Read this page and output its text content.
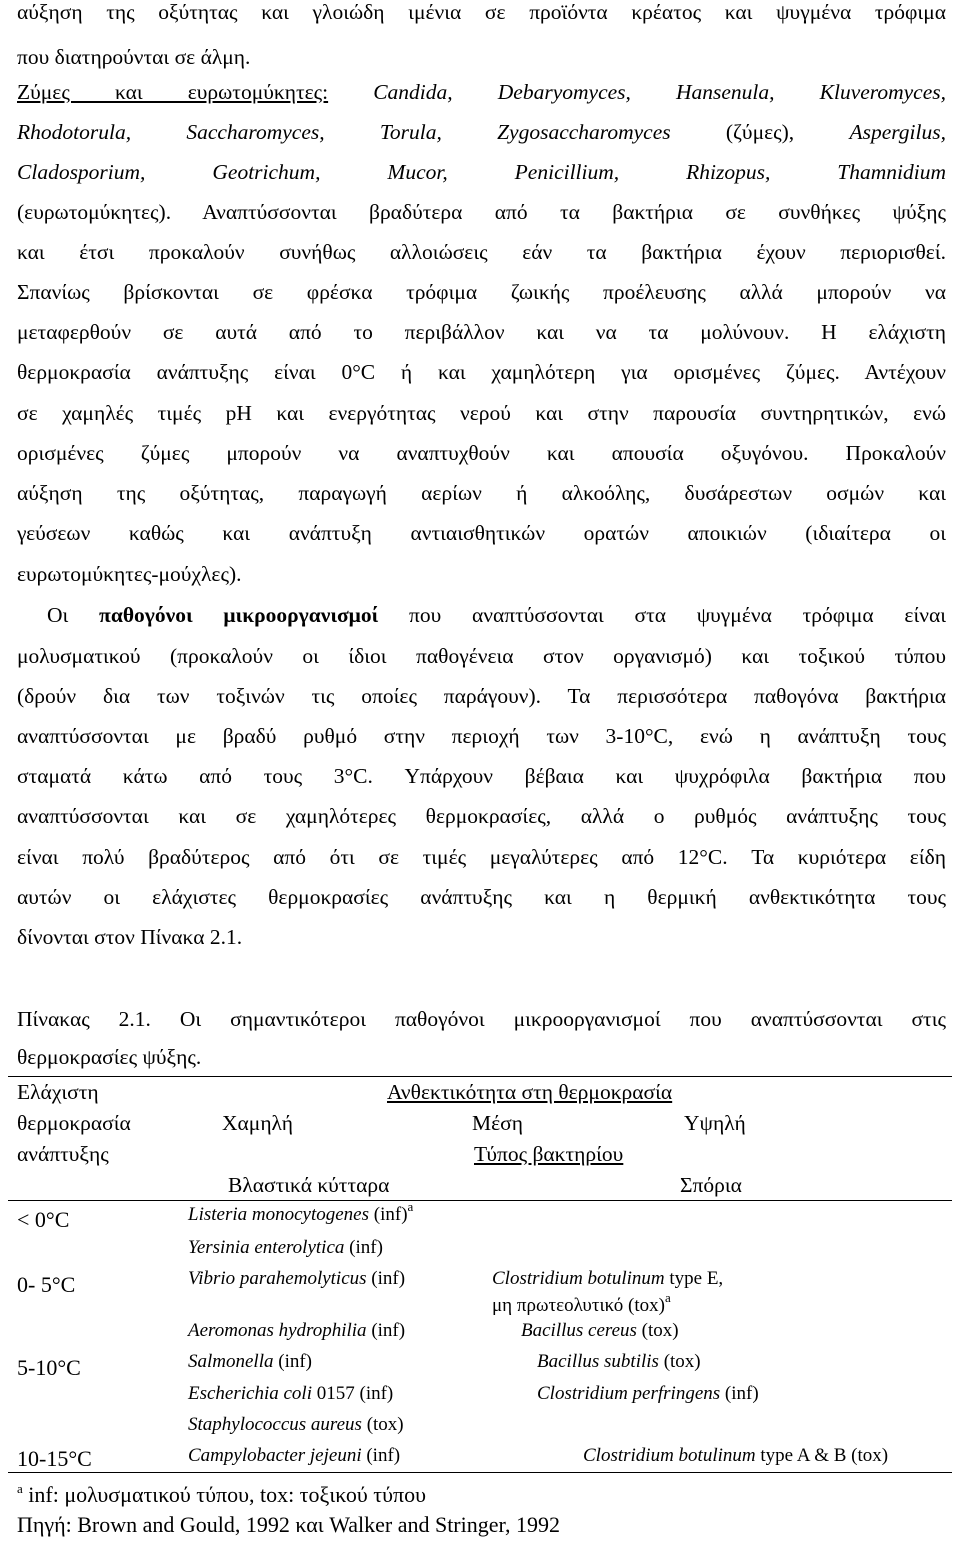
αύξηση της οξύτητας και γλοιώδη ιμένια σε προϊόντα κρέατος και ψυγμένα τρόφιμα
που διατηρούνται σε άλμη.
Ζύμες και ευρωτομύκητες: Candida, Debaryomyces, Hansenula, Kluveromyces,
Rhodotorula, Saccharomyces, Torula, Zygosaccharomyces	(ζύμες),	Aspergilus,
Cladosporium, Geotrichum, Mucor, Penicillium, Rhizopus, Thamnidium
(ευρωτομύκητες). Αναπτύσσονται βραδύτερα από τα βακτήρια σε συνθήκες ψύξης
και έτσι προκαλούν συνήθως αλλοιώσεις εάν τα βακτήρια έχουν περιορισθεί.
Σπανίως βρίσκονται σε φρέσκα τρόφιμα ζωικής προέλευσης αλλά μπορούν να
μεταφερθούν σε αυτά από το περιβάλλον και να τα μολύνουν. Η ελάχιστη
θερμοκρασία ανάπτυξης είναι 0°C ή και χαμηλότερη για ορισμένες ζύμες. Αντέχουν
σε χαμηλές τιμές pH και ενεργότητας νερού και στην παρουσία συντηρητικών, ενώ
ορισμένες ζύμες μπορούν να αναπτυχθούν και απουσία οξυγόνου. Προκαλούν
αύξηση της οξύτητας, παραγωγή αερίων ή αλκοόλης, δυσάρεστων οσμών και
γεύσεων καθώς και ανάπτυξη αντιαισθητικών ορατών αποικιών (ιδιαίτερα οι
ευρωτομύκητες-μούχλες).
Οι παθογόνοι μικροοργανισμοί που αναπτύσσονται στα ψυγμένα τρόφιμα είναι
μολυσματικού (προκαλούν οι ίδιοι παθογένεια στον οργανισμό) και τοξικού τύπου
(δρούν δια των τοξινών τις οποίες παράγουν). Τα περισσότερα παθογόνα βακτήρια
αναπτύσσονται με βραδύ ρυθμό στην περιοχή των 3-10°C, ενώ η ανάπτυξη τους
σταματά κάτω από τους 3°C. Υπάρχουν βέβαια και ψυχρόφιλα βακτήρια που
αναπτύσσονται και σε χαμηλότερες θερμοκρασίες, αλλά ο ρυθμός ανάπτυξης τους
είναι πολύ βραδύτερος από ότι σε τιμές μεγαλύτερες από 12°C. Τα κυριότερα είδη
αυτών οι ελάχιστες θερμοκρασίες ανάπτυξης και η θερμική ανθεκτικότητα τους
δίνονται στον Πίνακα 2.1.
Πίνακας 2.1. Οι σημαντικότεροι παθογόνοι μικροοργανισμοί που αναπτύσσονται στις
θερμοκρασίες ψύξης.
Ελάχιστη
θερμοκρασία
ανάπτυξης
Ανθεκτικότητα στη θερμοκρασία
Χαμηλή	Μέση	Υψηλή
Τύπος βακτηρίου
Βλαστικά κύτταρα	Σπόρια
< 0°C	Listeria monocytogenes (inf)$^a$
Yersinia enterolytica (inf)
0- 5°C	Vibrio parahemolyticus (inf)	Clostridium botulinum type E,
μη πρωτεολυτικό (tox)$^a$
Aeromonas hydrophilia (inf)	Bacillus cereus (tox)
5-10°C	Salmonella (inf)	Bacillus subtilis (tox)
Escherichia coli 0157 (inf)	Clostridium perfringens (inf)
Staphylococcus aureus (tox)
10-15°C	Campylobacter jejeuni (inf)	Clostridium botulinum type A & B (tox)
$^a$ inf: μολυσματικού τύπου, tox: τοξικού τύπου
Πηγή: Brown and Gould, 1992 και Walker and Stringer, 1992
